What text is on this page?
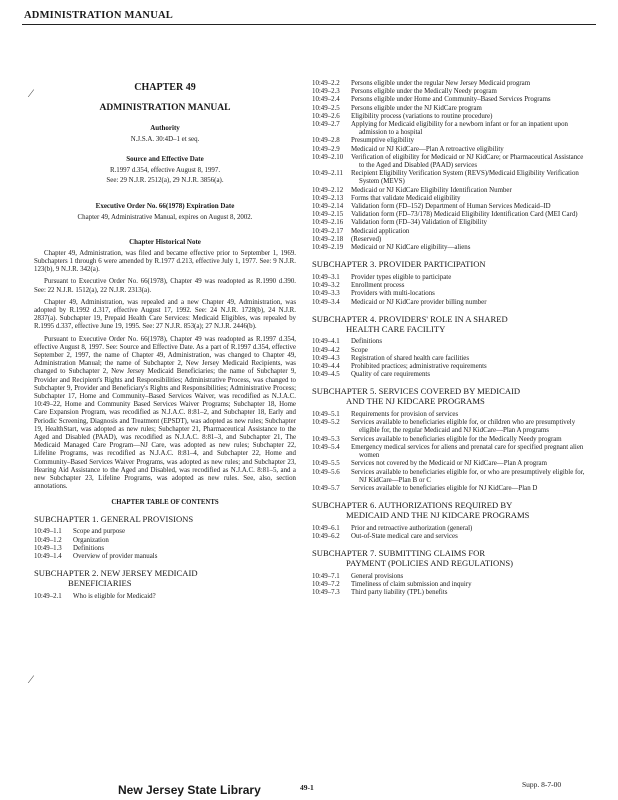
ADMINISTRATION MANUAL
⁄
⁄
CHAPTER 49
ADMINISTRATION MANUAL
Authority
N.J.S.A. 30:4D–1 et seq.
Source and Effective Date
R.1997 d.354, effective August 8, 1997.
See: 29 N.J.R. 2512(a), 29 N.J.R. 3856(a).
Executive Order No. 66(1978) Expiration Date
Chapter 49, Administrative Manual, expires on August 8, 2002.
Chapter Historical Note

Chapter 49, Administration, was filed and became effective prior to September 1, 1969. Subchapters 1 through 6 were amended by R.1977 d.213, effective July 1, 1977. See: 9 N.J.R. 123(b), 9 N.J.R. 342(a).

Pursuant to Executive Order No. 66(1978), Chapter 49 was readopted as R.1990 d.390. See: 22 N.J.R. 1512(a), 22 N.J.R. 2313(a).

Chapter 49, Administration, was repealed and a new Chapter 49, Administration, was adopted by R.1992 d.317, effective August 17, 1992. See: 24 N.J.R. 1728(b), 24 N.J.R. 2837(a). Subchapter 19, Prepaid Health Care Services: Medicaid Eligibles, was repealed by R.1995 d.337, effective June 19, 1995. See: 27 N.J.R. 853(a); 27 N.J.R. 2446(b).

Pursuant to Executive Order No. 66(1978), Chapter 49 was readopted as R.1997 d.354, effective August 8, 1997. See: Source and Effective Date. As a part of R.1997 d.354, effective September 2, 1997, the name of Chapter 49, Administration, was changed to Chapter 49, Administration Manual; the name of Subchapter 2, New Jersey Medicaid Recipients, was changed to Subchapter 2, New Jersey Medicaid Beneficiaries; the name of Subchapter 9, Provider and Recipient's Rights and Responsibilities; Administrative Process, was changed to Subchapter 9, Provider and Beneficiary's Rights and Responsibilities; Administrative Process; Subchapter 17, Home and Community–Based Services Waiver, was recodified as N.J.A.C. 10:49–22, Home and Community Based Services Waiver Programs; Subchapter 18, Home Care Expansion Program, was recodified as N.J.A.C. 8:81–2, and Subchapter 18, Early and Periodic Screening, Diagnosis and Treatment (EPSDT), was adopted as new rules; Subchapter 19, HealthStart, was adopted as new rules; Subchapter 21, Pharmaceutical Assistance to the Aged and Disabled (PAAD), was recodified as N.J.A.C. 8:81–3, and Subchapter 21, The Medicaid Managed Care Program—NJ Care, was adopted as new rules; Subchapter 22, Lifeline Programs, was recodified as N.J.A.C. 8:81–4, and Subchapter 22, Home and Community–Based Services Waiver Programs, was adopted as new rules; and Subchapter 23, Hearing Aid Assistance to the Aged and Disabled, was recodified as N.J.A.C. 8:81–5, and a new Subchapter 23, Lifeline Programs, was adopted as new rules. See, also, section annotations.

CHAPTER TABLE OF CONTENTS
SUBCHAPTER 1. GENERAL PROVISIONS
10:49–1.1	Scope and purpose
10:49–1.2	Organization
10:49–1.3	Definitions
10:49–1.4	Overview of provider manuals
SUBCHAPTER 2. NEW JERSEY MEDICAID
BENEFICIARIES
10:49–2.1	Who is eligible for Medicaid?
10:49–2.2	Persons eligible under the regular New Jersey Medicaid program
10:49–2.3	Persons eligible under the Medically Needy program
10:49–2.4	Persons eligible under Home and Community–Based Services Programs
10:49–2.5	Persons eligible under the NJ KidCare program
10:49–2.6	Eligibility process (variations to routine procedure)
10:49–2.7	Applying for Medicaid eligibility for a newborn infant or for an inpatient upon admission to a hospital
10:49–2.8	Presumptive eligibility
10:49–2.9	Medicaid or NJ KidCare—Plan A retroactive eligibility
10:49–2.10	Verification of eligibility for Medicaid or NJ KidCare; or Pharmaceutical Assistance to the Aged and Disabled (PAAD) services
10:49–2.11	Recipient Eligibility Verification System (REVS)/Medicaid Eligibility Verification System (MEVS)
10:49–2.12	Medicaid or NJ KidCare Eligibility Identification Number
10:49–2.13	Forms that validate Medicaid eligibility
10:49–2.14	Validation form (FD–152) Department of Human Services Medicaid–ID
10:49–2.15	Validation form (FD–73/178) Medicaid Eligibility Identification Card (MEI Card)
10:49–2.16	Validation form (FD–34) Validation of Eligibility
10:49–2.17	Medicaid application
10:49–2.18	(Reserved)
10:49–2.19	Medicaid or NJ KidCare eligibility—aliens
SUBCHAPTER 3. PROVIDER PARTICIPATION
10:49–3.1	Provider types eligible to participate
10:49–3.2	Enrollment process
10:49–3.3	Providers with multi-locations
10:49–3.4	Medicaid or NJ KidCare provider billing number
SUBCHAPTER 4. PROVIDERS' ROLE IN A SHARED
HEALTH CARE FACILITY
10:49–4.1	Definitions
10:49–4.2	Scope
10:49–4.3	Registration of shared health care facilities
10:49–4.4	Prohibited practices; administrative requirements
10:49–4.5	Quality of care requirements
SUBCHAPTER 5. SERVICES COVERED BY MEDICAID
AND THE NJ KIDCARE PROGRAMS
10:49–5.1	Requirements for provision of services
10:49–5.2	Services available to beneficiaries eligible for, or children who are presumptively eligible for, the regular Medicaid and NJ KidCare—Plan A programs
10:49–5.3	Services available to beneficiaries eligible for the Medically Needy program
10:49–5.4	Emergency medical services for aliens and prenatal care for specified pregnant alien women
10:49–5.5	Services not covered by the Medicaid or NJ KidCare—Plan A program
10:49–5.6	Services available to beneficiaries eligible for, or who are presumptively eligible for, NJ KidCare—Plan B or C
10:49–5.7	Services available to beneficiaries eligible for NJ KidCare—Plan D
SUBCHAPTER 6. AUTHORIZATIONS REQUIRED BY
MEDICAID AND THE NJ KIDCARE PROGRAMS
10:49–6.1	Prior and retroactive authorization (general)
10:49–6.2	Out-of-State medical care and services
SUBCHAPTER 7. SUBMITTING CLAIMS FOR
PAYMENT (POLICIES AND REGULATIONS)
10:49–7.1	General provisions
10:49–7.2	Timeliness of claim submission and inquiry
10:49–7.3	Third party liability (TPL) benefits
New Jersey State Library	49-1	Supp. 8-7-00
